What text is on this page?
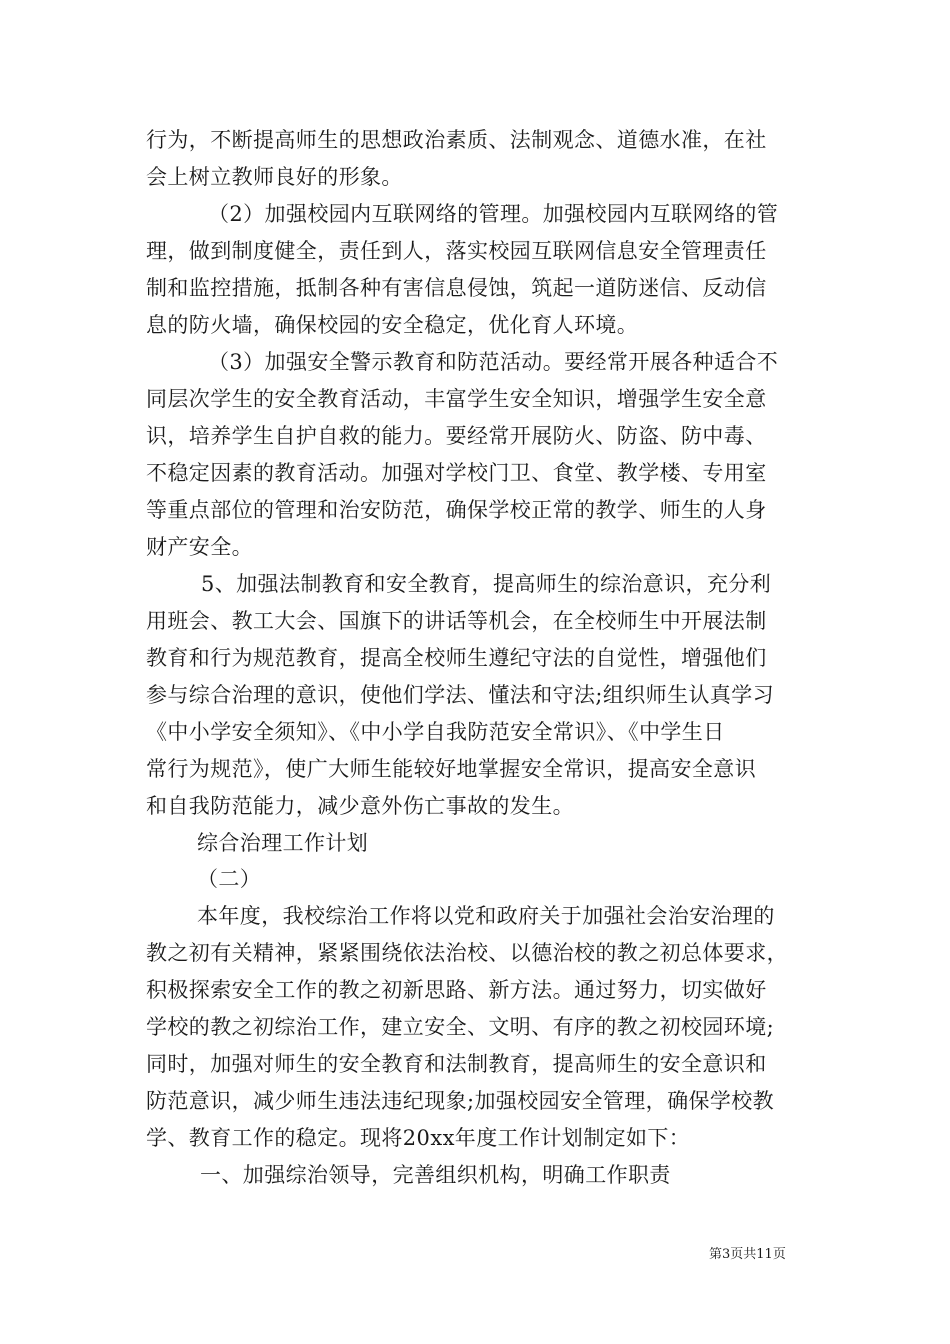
行为，不断提高师生的思想政治素质、法制观念、道德水准，在社
会上树立教师良好的形象。
（2）加强校园内互联网络的管理。加强校园内互联网络的管
理，做到制度健全，责任到人，落实校园互联网信息安全管理责任
制和监控措施，抵制各种有害信息侵蚀，筑起一道防迷信、反动信
息的防火墙，确保校园的安全稳定，优化育人环境。
（3）加强安全警示教育和防范活动。要经常开展各种适合不
同层次学生的安全教育活动，丰富学生安全知识，增强学生安全意
识，培养学生自护自救的能力。要经常开展防火、防盗、防中毒、
不稳定因素的教育活动。加强对学校门卫、食堂、教学楼、专用室
等重点部位的管理和治安防范，确保学校正常的教学、师生的人身
财产安全。
5、加强法制教育和安全教育，提高师生的综治意识，充分利
用班会、教工大会、国旗下的讲话等机会，在全校师生中开展法制
教育和行为规范教育，提高全校师生遵纪守法的自觉性，增强他们
参与综合治理的意识，使他们学法、懂法和守法;组织师生认真学习
《中小学安全须知》、《中小学自我防范安全常识》、《中学生日
常行为规范》，使广大师生能较好地掌握安全常识，提高安全意识
和自我防范能力，减少意外伤亡事故的发生。
综合治理工作计划
（二）
本年度，我校综治工作将以党和政府关于加强社会治安治理的
教之初有关精神，紧紧围绕依法治校、以德治校的教之初总体要求，
积极探索安全工作的教之初新思路、新方法。通过努力，切实做好
学校的教之初综治工作，建立安全、文明、有序的教之初校园环境;
同时，加强对师生的安全教育和法制教育，提高师生的安全意识和
防范意识，减少师生违法违纪现象;加强校园安全管理，确保学校教
学、教育工作的稳定。现将20xx年度工作计划制定如下：
一、加强综治领导，完善组织机构，明确工作职责
第3页共11页
